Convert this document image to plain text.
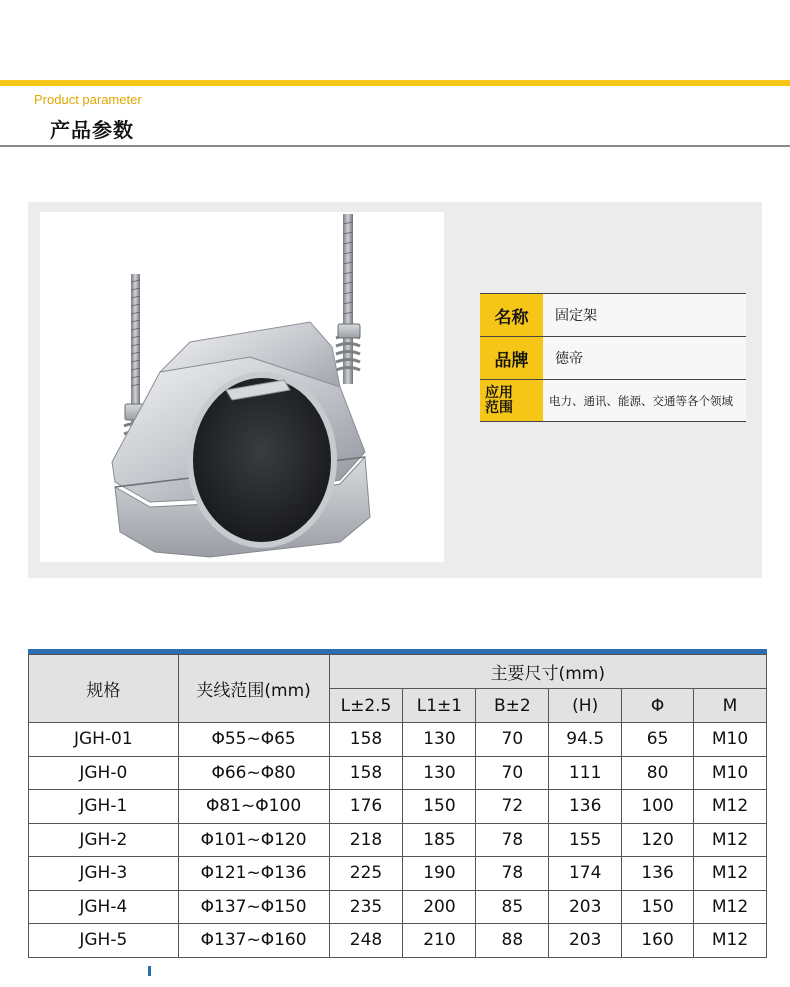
Product parameter
产品参数
名称	固定架
品牌	德帝
应用
范围	电力、通讯、能源、交通等各个领域
规格	夹线范围(mm)	主要尺寸(mm)					
		L±2.5	L1±1	B±2	(H)	Φ	M
JGH-01	Φ55~Φ65	158	130	70	94.5	65	M10
JGH-0	Φ66~Φ80	158	130	70	111	80	M10
JGH-1	Φ81~Φ100	176	150	72	136	100	M12
JGH-2	Φ101~Φ120	218	185	78	155	120	M12
JGH-3	Φ121~Φ136	225	190	78	174	136	M12
JGH-4	Φ137~Φ150	235	200	85	203	150	M12
JGH-5	Φ137~Φ160	248	210	88	203	160	M12
